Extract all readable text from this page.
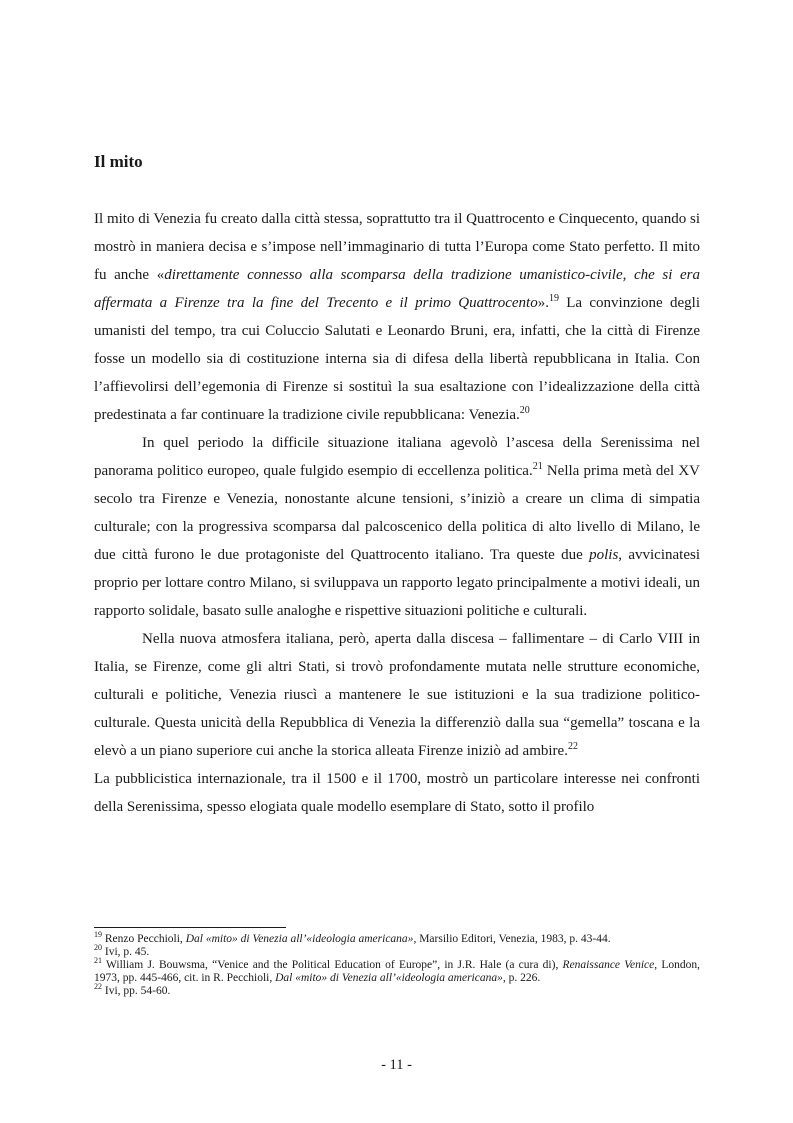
Il mito

Il mito di Venezia fu creato dalla città stessa, soprattutto tra il Quattrocento e Cinquecento, quando si mostrò in maniera decisa e s’impose nell’immaginario di tutta l’Europa come Stato perfetto. Il mito fu anche «direttamente connesso alla scomparsa della tradizione umanistico-civile, che si era affermata a Firenze tra la fine del Trecento e il primo Quattrocento».$^{19}$ La convinzione degli umanisti del tempo, tra cui Coluccio Salutati e Leonardo Bruni, era, infatti, che la città di Firenze fosse un modello sia di costituzione interna sia di difesa della libertà repubblicana in Italia. Con l’affievolirsi dell’egemonia di Firenze si sostituì la sua esaltazione con l’idealizzazione della città predestinata a far continuare la tradizione civile repubblicana: Venezia.$^{20}$

In quel periodo la difficile situazione italiana agevolò l’ascesa della Serenissima nel panorama politico europeo, quale fulgido esempio di eccellenza politica.$^{21}$ Nella prima metà del XV secolo tra Firenze e Venezia, nonostante alcune tensioni, s’iniziò a creare un clima di simpatia culturale; con la progressiva scomparsa dal palcoscenico della politica di alto livello di Milano, le due città furono le due protagoniste del Quattrocento italiano. Tra queste due polis, avvicinatesi proprio per lottare contro Milano, si sviluppava un rapporto legato principalmente a motivi ideali, un rapporto solidale, basato sulle analoghe e rispettive situazioni politiche e culturali.

Nella nuova atmosfera italiana, però, aperta dalla discesa – fallimentare – di Carlo VIII in Italia, se Firenze, come gli altri Stati, si trovò profondamente mutata nelle strutture economiche, culturali e politiche, Venezia riuscì a mantenere le sue istituzioni e la sua tradizione politico-culturale. Questa unicità della Repubblica di Venezia la differenziò dalla sua “gemella” toscana e la elevò a un piano superiore cui anche la storica alleata Firenze iniziò ad ambire.$^{22}$

La pubblicistica internazionale, tra il 1500 e il 1700, mostrò un particolare interesse nei confronti della Serenissima, spesso elogiata quale modello esemplare di Stato, sotto il profilo

$^{19}$ Renzo Pecchioli, Dal «mito» di Venezia all’«ideologia americana», Marsilio Editori, Venezia, 1983, p. 43-44.

$^{20}$ Ivi, p. 45.

$^{21}$ William J. Bouwsma, “Venice and the Political Education of Europe”, in J.R. Hale (a cura di), Renaissance Venice, London, 1973, pp. 445-466, cit. in R. Pecchioli, Dal «mito» di Venezia all’«ideologia americana», p. 226.

$^{22}$ Ivi, pp. 54-60.

- 11 -
